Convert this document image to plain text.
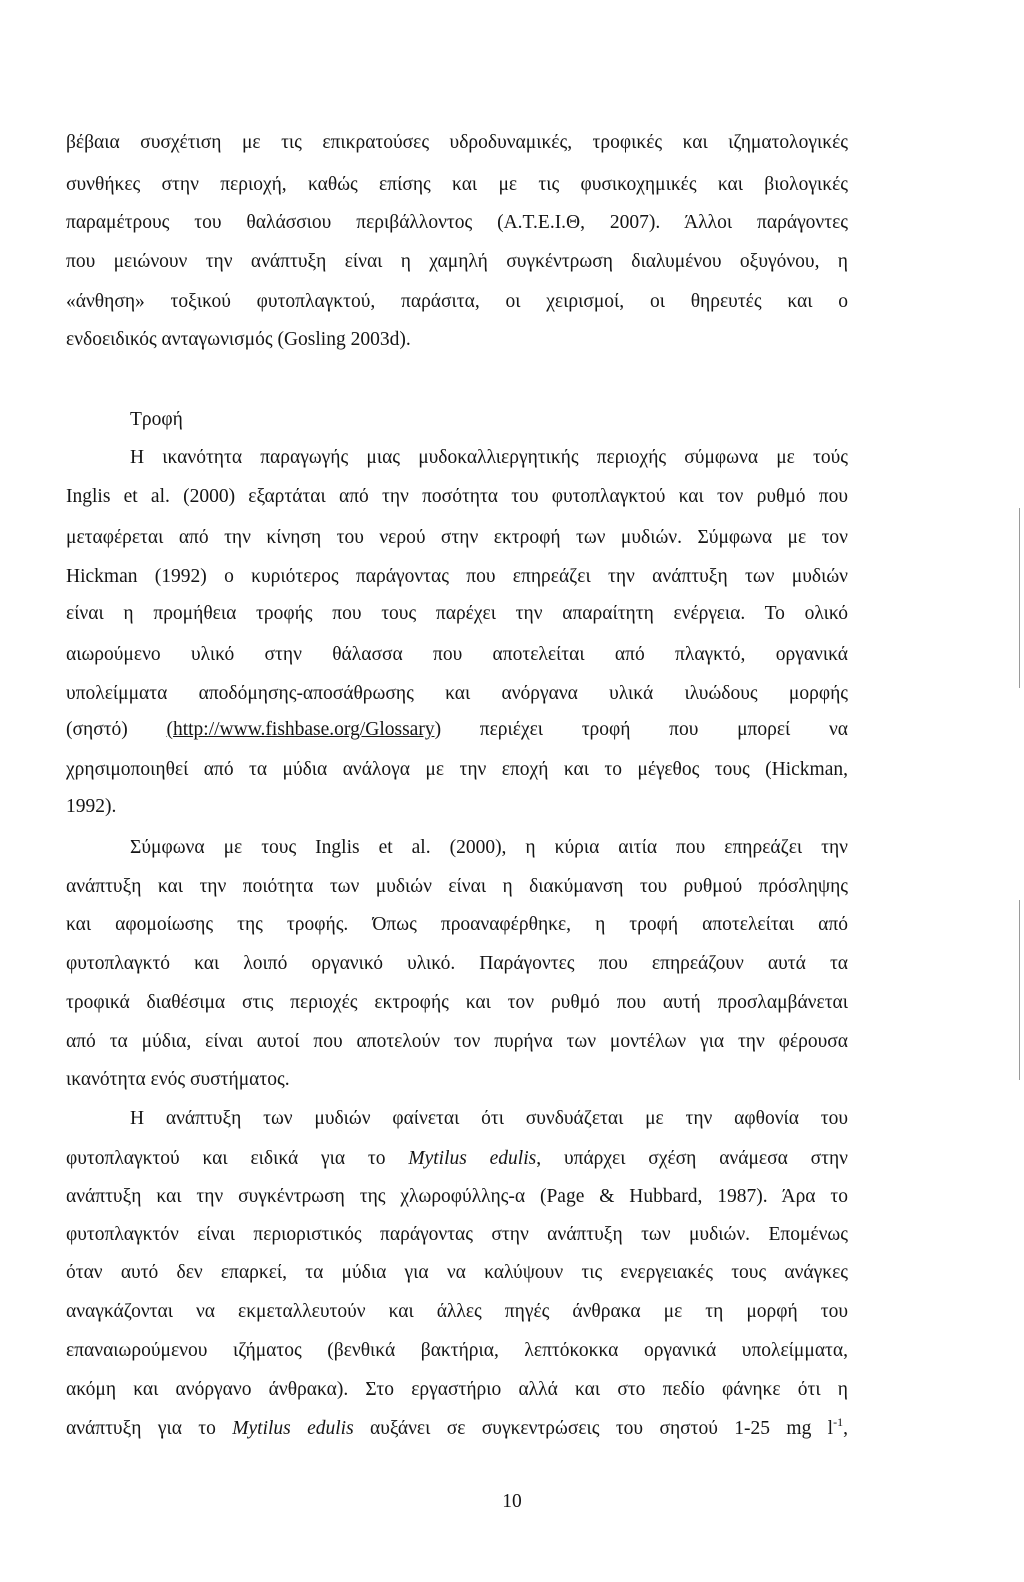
βέβαια συσχέτιση με τις επικρατούσες υδροδυναμικές, τροφικές και ιζηματολογικές
συνθήκες στην περιοχή, καθώς επίσης και με τις φυσικοχημικές και βιολογικές
παραμέτρους του θαλάσσιου περιβάλλοντος (Α.Τ.Ε.Ι.Θ, 2007). Άλλοι παράγοντες
που μειώνουν την ανάπτυξη είναι η χαμηλή συγκέντρωση διαλυμένου οξυγόνου, η
«άνθηση» τοξικού φυτοπλαγκτού, παράσιτα, οι χειρισμοί, οι θηρευτές και ο
ενδοειδικός ανταγωνισμός (Gosling 2003d).
Τροφή
Η ικανότητα παραγωγής μιας μυδοκαλλιεργητικής περιοχής σύμφωνα με τούς
Inglis et al. (2000) εξαρτάται από την ποσότητα του φυτοπλαγκτού και τον ρυθμό που
μεταφέρεται από την κίνηση του νερού στην εκτροφή των μυδιών. Σύμφωνα με τον
Hickman (1992) ο κυριότερος παράγοντας που επηρεάζει την ανάπτυξη των μυδιών
είναι η προμήθεια τροφής που τους παρέχει την απαραίτητη ενέργεια. Το ολικό
αιωρούμενο υλικό στην θάλασσα που αποτελείται από πλαγκτό, οργανικά
υπολείμματα αποδόμησης-αποσάθρωσης και ανόργανα υλικά ιλυώδους μορφής
(σηστό) (http://www.fishbase.org/Glossary) περιέχει τροφή που μπορεί να
χρησιμοποιηθεί από τα μύδια ανάλογα με την εποχή και το μέγεθος τους (Hickman,
1992).
Σύμφωνα με τους Inglis et al. (2000), η κύρια αιτία που επηρεάζει την
ανάπτυξη και την ποιότητα των μυδιών είναι η διακύμανση του ρυθμού πρόσληψης
και αφομοίωσης της τροφής. Όπως προαναφέρθηκε, η τροφή αποτελείται από
φυτοπλαγκτό και λοιπό οργανικό υλικό. Παράγοντες που επηρεάζουν αυτά τα
τροφικά διαθέσιμα στις περιοχές εκτροφής και τον ρυθμό που αυτή προσλαμβάνεται
από τα μύδια, είναι αυτοί που αποτελούν τον πυρήνα των μοντέλων για την φέρουσα
ικανότητα ενός συστήματος.
Η ανάπτυξη των μυδιών φαίνεται ότι συνδυάζεται με την αφθονία του
φυτοπλαγκτού και ειδικά για το Mytilus edulis, υπάρχει σχέση ανάμεσα στην
ανάπτυξη και την συγκέντρωση της χλωροφύλλης-α (Page & Hubbard, 1987). Άρα το
φυτοπλαγκτόν είναι περιοριστικός παράγοντας στην ανάπτυξη των μυδιών. Επομένως
όταν αυτό δεν επαρκεί, τα μύδια για να καλύψουν τις ενεργειακές τους ανάγκες
αναγκάζονται να εκμεταλλευτούν και άλλες πηγές άνθρακα με τη μορφή του
επαναιωρούμενου ιζήματος (βενθικά βακτήρια, λεπτόκοκκα οργανικά υπολείμματα,
ακόμη και ανόργανο άνθρακα). Στο εργαστήριο αλλά και στο πεδίο φάνηκε ότι η
ανάπτυξη για το Mytilus edulis αυξάνει σε συγκεντρώσεις του σηστού 1-25 mg $l^{-1}$,
10
